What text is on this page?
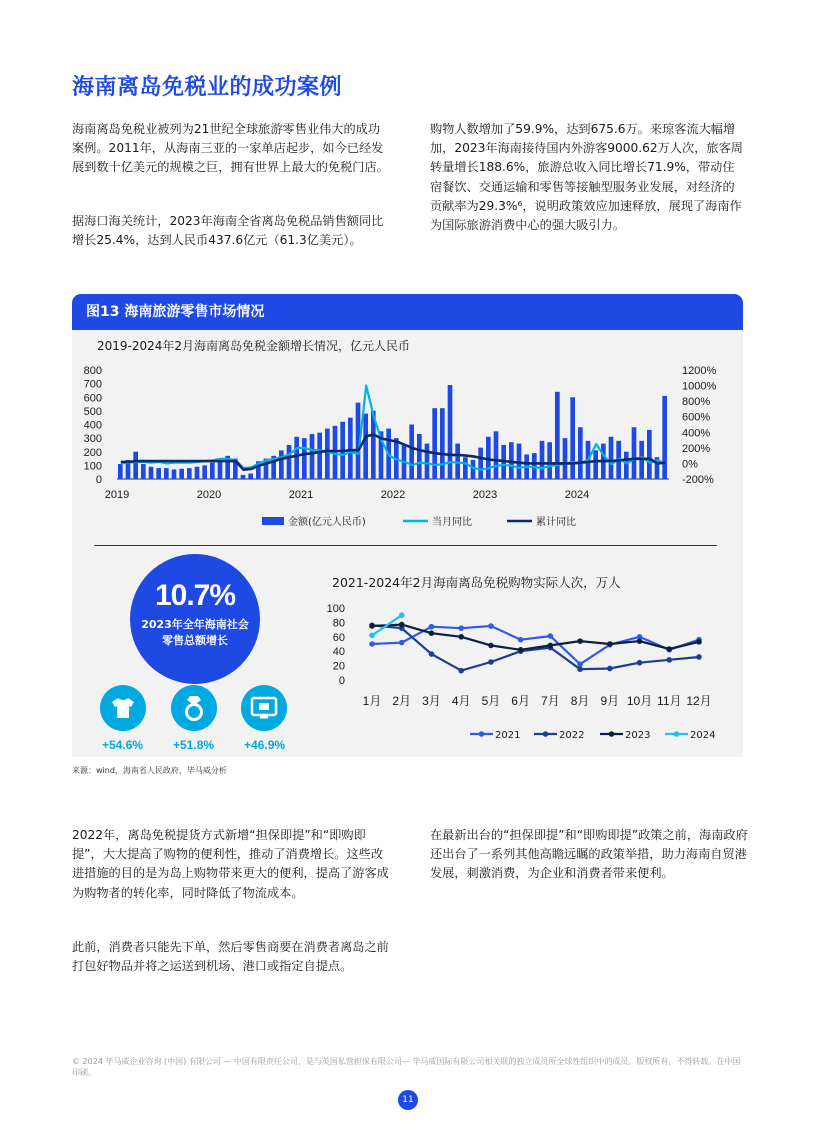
海南离岛免税业的成功案例
海南离岛免税业被列为21世纪全球旅游零售业伟大的成功案例。2011年，从海南三亚的一家单店起步，如今已经发展到数十亿美元的规模之巨，拥有世界上最大的免税门店。
据海口海关统计，2023年海南全省离岛免税品销售额同比增长25.4%，达到人民币437.6亿元（61.3亿美元）。
购物人数增加了59.9%，达到675.6万。来琼客流大幅增加，2023年海南接待国内外游客9000.62万人次，旅客周转量增长188.6%，旅游总收入同比增长71.9%，带动住宿餐饮、交通运输和零售等接触型服务业发展，对经济的贡献率为29.3%⁶，说明政策效应加速释放，展现了海南作为国际旅游消费中心的强大吸引力。
图13 海南旅游零售市场情况
2019-2024年2月海南离岛免税金额增长情况，亿元人民币
0
100
200
300
400
500
600
700
800
-200%
0%
200%
400%
600%
800%
1000%
1200%
2019	2020	2021	2022	2023	2024
金额(亿元人民币)	当月同比	累计同比
10.7%
2023年全年海南社会
零售总额增长
+54.6% +51.8% +46.9%
2021-2024年2月海南离岛免税购物实际人次，万人
0
20
40
60
80
100
1月 2月 3月 4月 5月 6月 7月 8月 9月 10月 11月 12月
2021	2022	2023	2024
来源：wind，海南省人民政府，毕马威分析
2022年，离岛免税提货方式新增“担保即提”和“即购即提”，大大提高了购物的便利性，推动了消费增长。这些改进措施的目的是为岛上购物带来更大的便利，提高了游客成为购物者的转化率，同时降低了物流成本。
此前，消费者只能先下单，然后零售商要在消费者离岛之前打包好物品并将之运送到机场、港口或指定自提点。
在最新出台的“担保即提”和“即购即提”政策之前，海南政府还出台了一系列其他高瞻远瞩的政策举措，助力海南自贸港发展，刺激消费，为企业和消费者带来便利。
© 2024 毕马威企业咨询 (中国) 有限公司 — 中国有限责任公司，是与英国私营担保有限公司— 毕马威国际有限公司相关联的独立成员所全球性组织中的成员。版权所有，不得转载。在中国印刷。
11
